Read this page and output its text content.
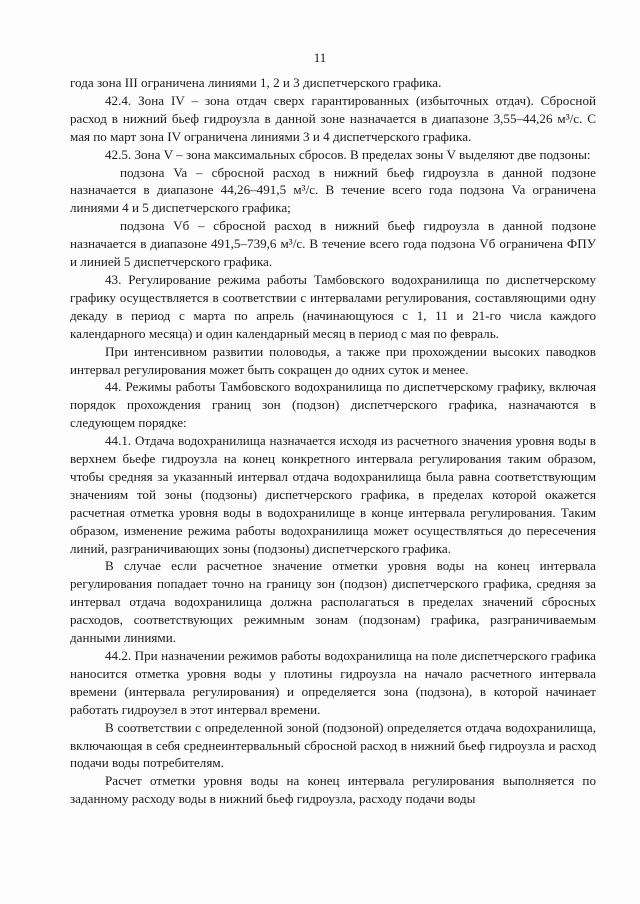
11

года зона III ограничена линиями 1, 2 и 3 диспетчерского графика.

42.4. Зона IV – зона отдач сверх гарантированных (избыточных отдач). Сбросной расход в нижний бьеф гидроузла в данной зоне назначается в диапазоне 3,55–44,26 м³/с. С мая по март зона IV ограничена линиями 3 и 4 диспетчерского графика.

42.5. Зона V – зона максимальных сбросов. В пределах зоны V выделяют две подзоны:

подзона Va – сбросной расход в нижний бьеф гидроузла в данной подзоне назначается в диапазоне 44,26–491,5 м³/с. В течение всего года подзона Va ограничена линиями 4 и 5 диспетчерского графика;

подзона Vб – сбросной расход в нижний бьеф гидроузла в данной подзоне назначается в диапазоне 491,5–739,6 м³/с. В течение всего года подзона Vб ограничена ФПУ и линией 5 диспетчерского графика.

43. Регулирование режима работы Тамбовского водохранилища по диспетчерскому графику осуществляется в соответствии с интервалами регулирования, составляющими одну декаду в период с марта по апрель (начинающуюся с 1, 11 и 21-го числа каждого календарного месяца) и один календарный месяц в период с мая по февраль.

При интенсивном развитии половодья, а также при прохождении высоких паводков интервал регулирования может быть сокращен до одних суток и менее.

44. Режимы работы Тамбовского водохранилища по диспетчерскому графику, включая порядок прохождения границ зон (подзон) диспетчерского графика, назначаются в следующем порядке:

44.1. Отдача водохранилища назначается исходя из расчетного значения уровня воды в верхнем бьефе гидроузла на конец конкретного интервала регулирования таким образом, чтобы средняя за указанный интервал отдача водохранилища была равна соответствующим значениям той зоны (подзоны) диспетчерского графика, в пределах которой окажется расчетная отметка уровня воды в водохранилище в конце интервала регулирования. Таким образом, изменение режима работы водохранилища может осуществляться до пересечения линий, разграничивающих зоны (подзоны) диспетчерского графика.

В случае если расчетное значение отметки уровня воды на конец интервала регулирования попадает точно на границу зон (подзон) диспетчерского графика, средняя за интервал отдача водохранилища должна располагаться в пределах значений сбросных расходов, соответствующих режимным зонам (подзонам) графика, разграничиваемым данными линиями.

44.2. При назначении режимов работы водохранилища на поле диспетчерского графика наносится отметка уровня воды у плотины гидроузла на начало расчетного интервала времени (интервала регулирования) и определяется зона (подзона), в которой начинает работать гидроузел в этот интервал времени.

В соответствии с определенной зоной (подзоной) определяется отдача водохранилища, включающая в себя среднеинтервальный сбросной расход в нижний бьеф гидроузла и расход подачи воды потребителям.

Расчет отметки уровня воды на конец интервала регулирования выполняется по заданному расходу воды в нижний бьеф гидроузла, расходу подачи воды
